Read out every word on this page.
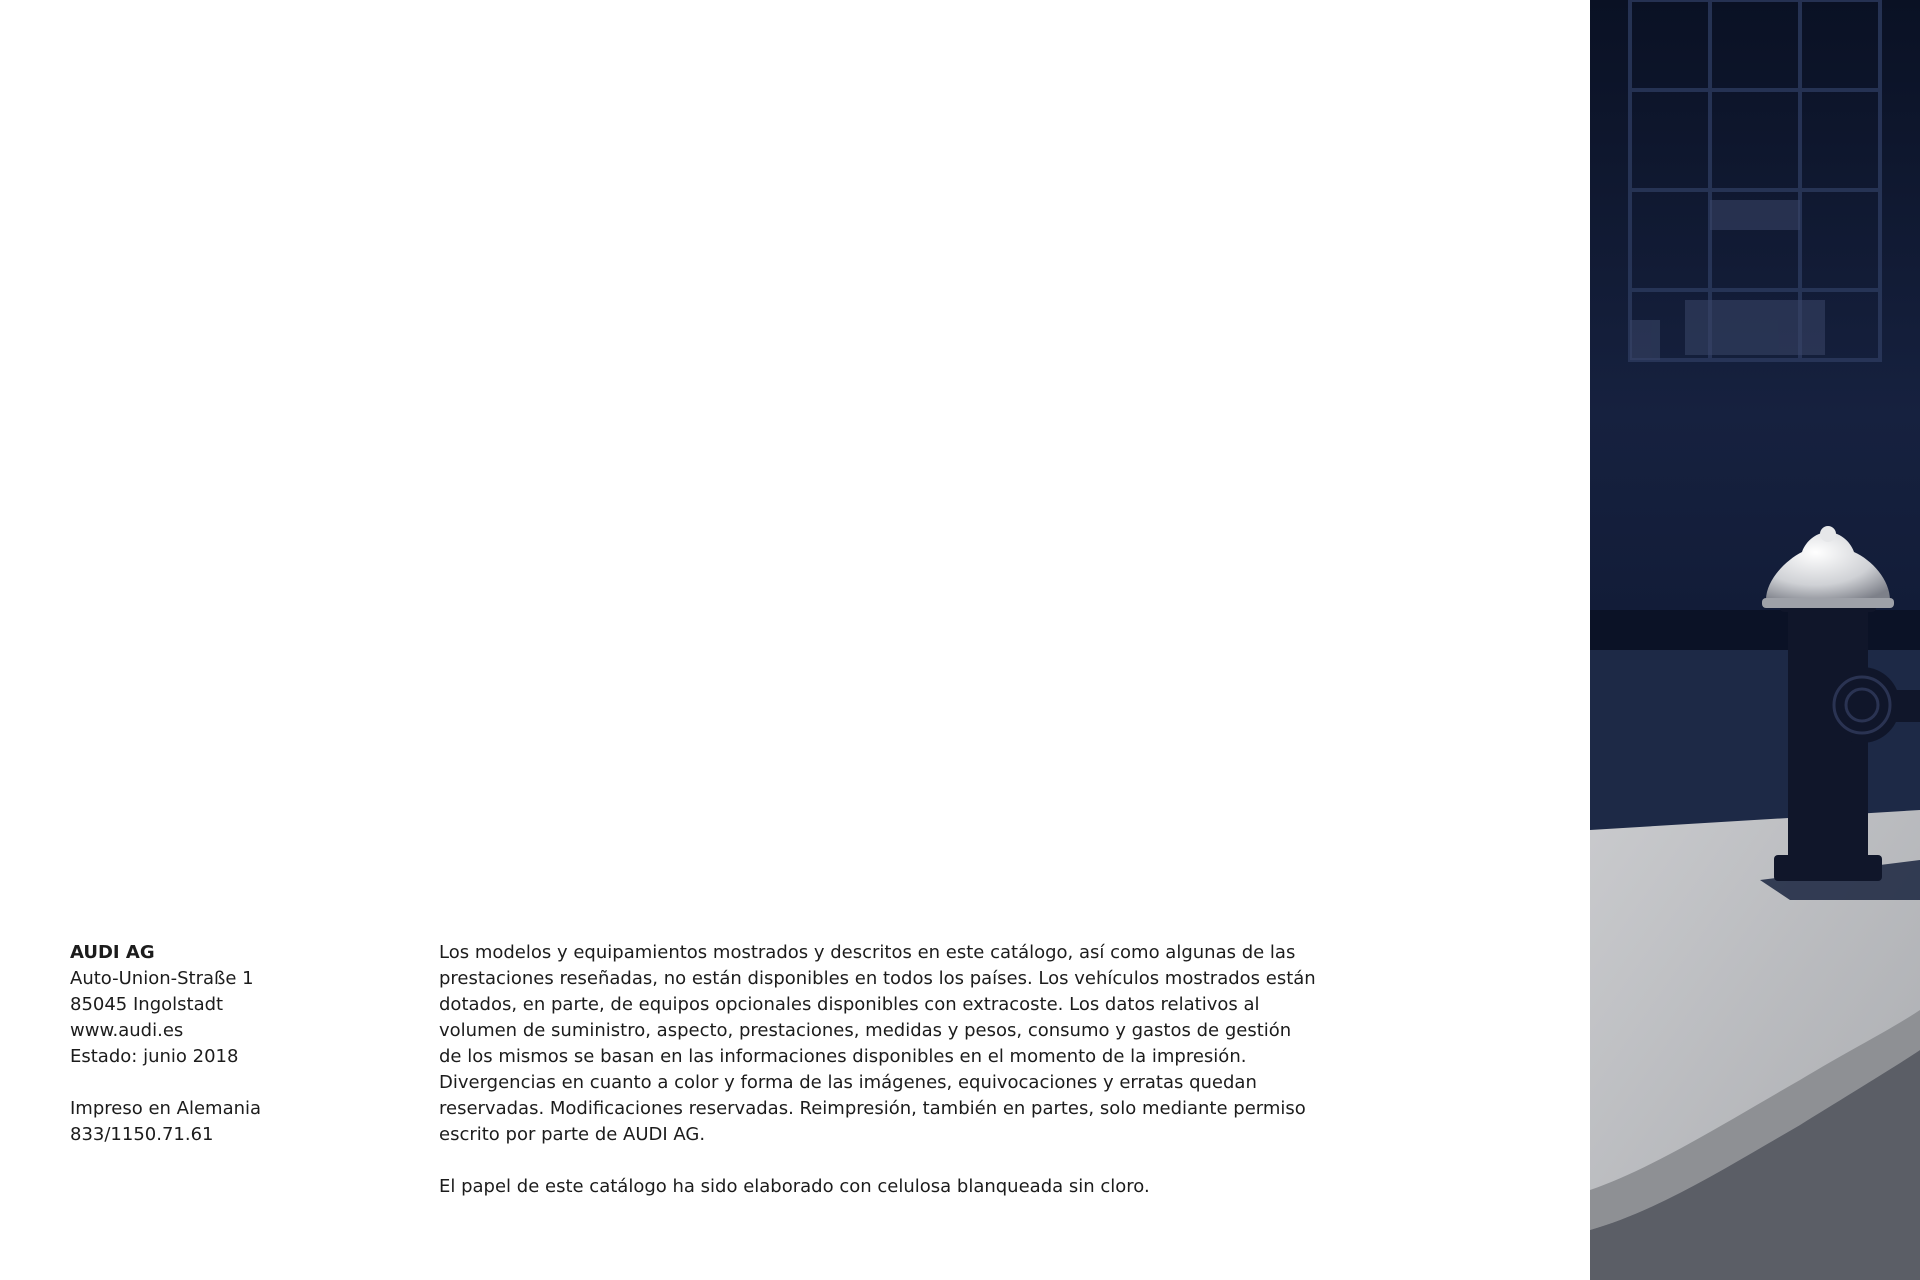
AUDI AG
Auto-Union-Straße 1
85045 Ingolstadt
www.audi.es
Estado: junio 2018
Impreso en Alemania
833/1150.71.61

Los modelos y equipamientos mostrados y descritos en este catálogo, así como algunas de las prestaciones reseñadas, no están disponibles en todos los países. Los vehículos mostrados están dotados, en parte, de equipos opcionales disponibles con extracoste. Los datos relativos al volumen de suministro, aspecto, prestaciones, medidas y pesos, consumo y gastos de gestión de los mismos se basan en las informaciones disponibles en el momento de la impresión. Divergencias en cuanto a color y forma de las imágenes, equivocaciones y erratas quedan reservadas. Modificaciones reservadas. Reimpresión, también en partes, solo mediante permiso escrito por parte de AUDI AG.

El papel de este catálogo ha sido elaborado con celulosa blanqueada sin cloro.
